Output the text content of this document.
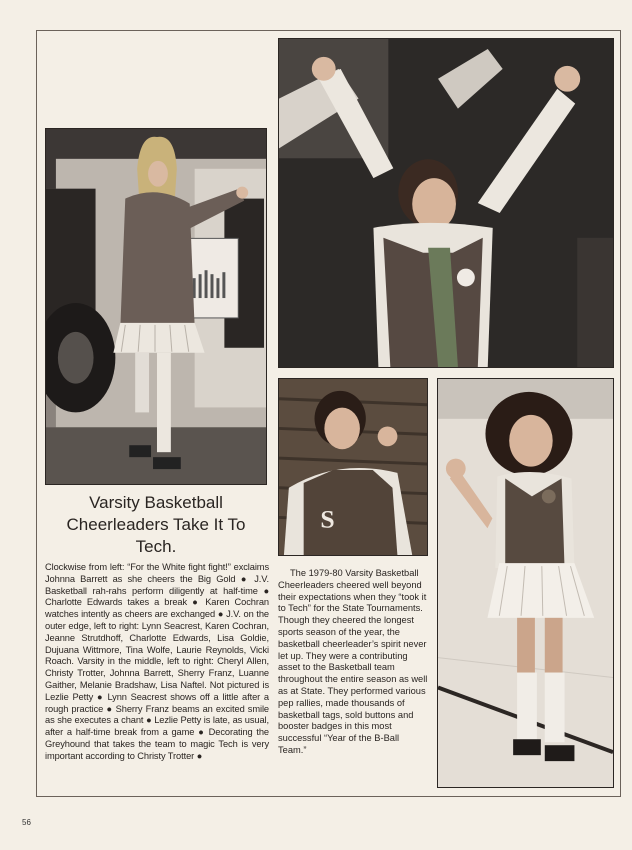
S
Varsity Basketball Cheerleaders Take It To Tech.

Clockwise from left: “For the White fight fight!” exclaims Johnna Barrett as she cheers the Big Gold ● J.V. Basketball rah-rahs perform diligently at half-time ● Charlotte Edwards takes a break ● Karen Cochran watches intently as cheers are exchanged ● J.V. on the outer edge, left to right: Lynn Seacrest, Karen Cochran, Jeanne Strutdhoff, Charlotte Edwards, Lisa Goldie, Dujuana Wittmore, Tina Wolfe, Laurie Reynolds, Vicki Roach. Varsity in the middle, left to right: Cheryl Allen, Christy Trotter, Johnna Barrett, Sherry Franz, Luanne Gaither, Melanie Bradshaw, Lisa Naftel. Not pictured is Lezlie Petty ● Lynn Seacrest shows off a little after a rough practice ● Sherry Franz beams an excited smile as she executes a chant ● Lezlie Petty is late, as usual, after a half-time break from a game ● Decorating the Greyhound that takes the team to magic Tech is very important according to Christy Trotter ●

The 1979-80 Varsity Basketball Cheerleaders cheered well beyond their expectations when they “took it to Tech” for the State Tournaments. Though they cheered the longest sports season of the year, the basketball cheerleader’s spirit never let up. They were a contributing asset to the Basketball team throughout the entire season as well as at State. They performed various pep rallies, made thousands of basketball tags, sold buttons and booster badges in this most successful “Year of the B-Ball Team.”

56
